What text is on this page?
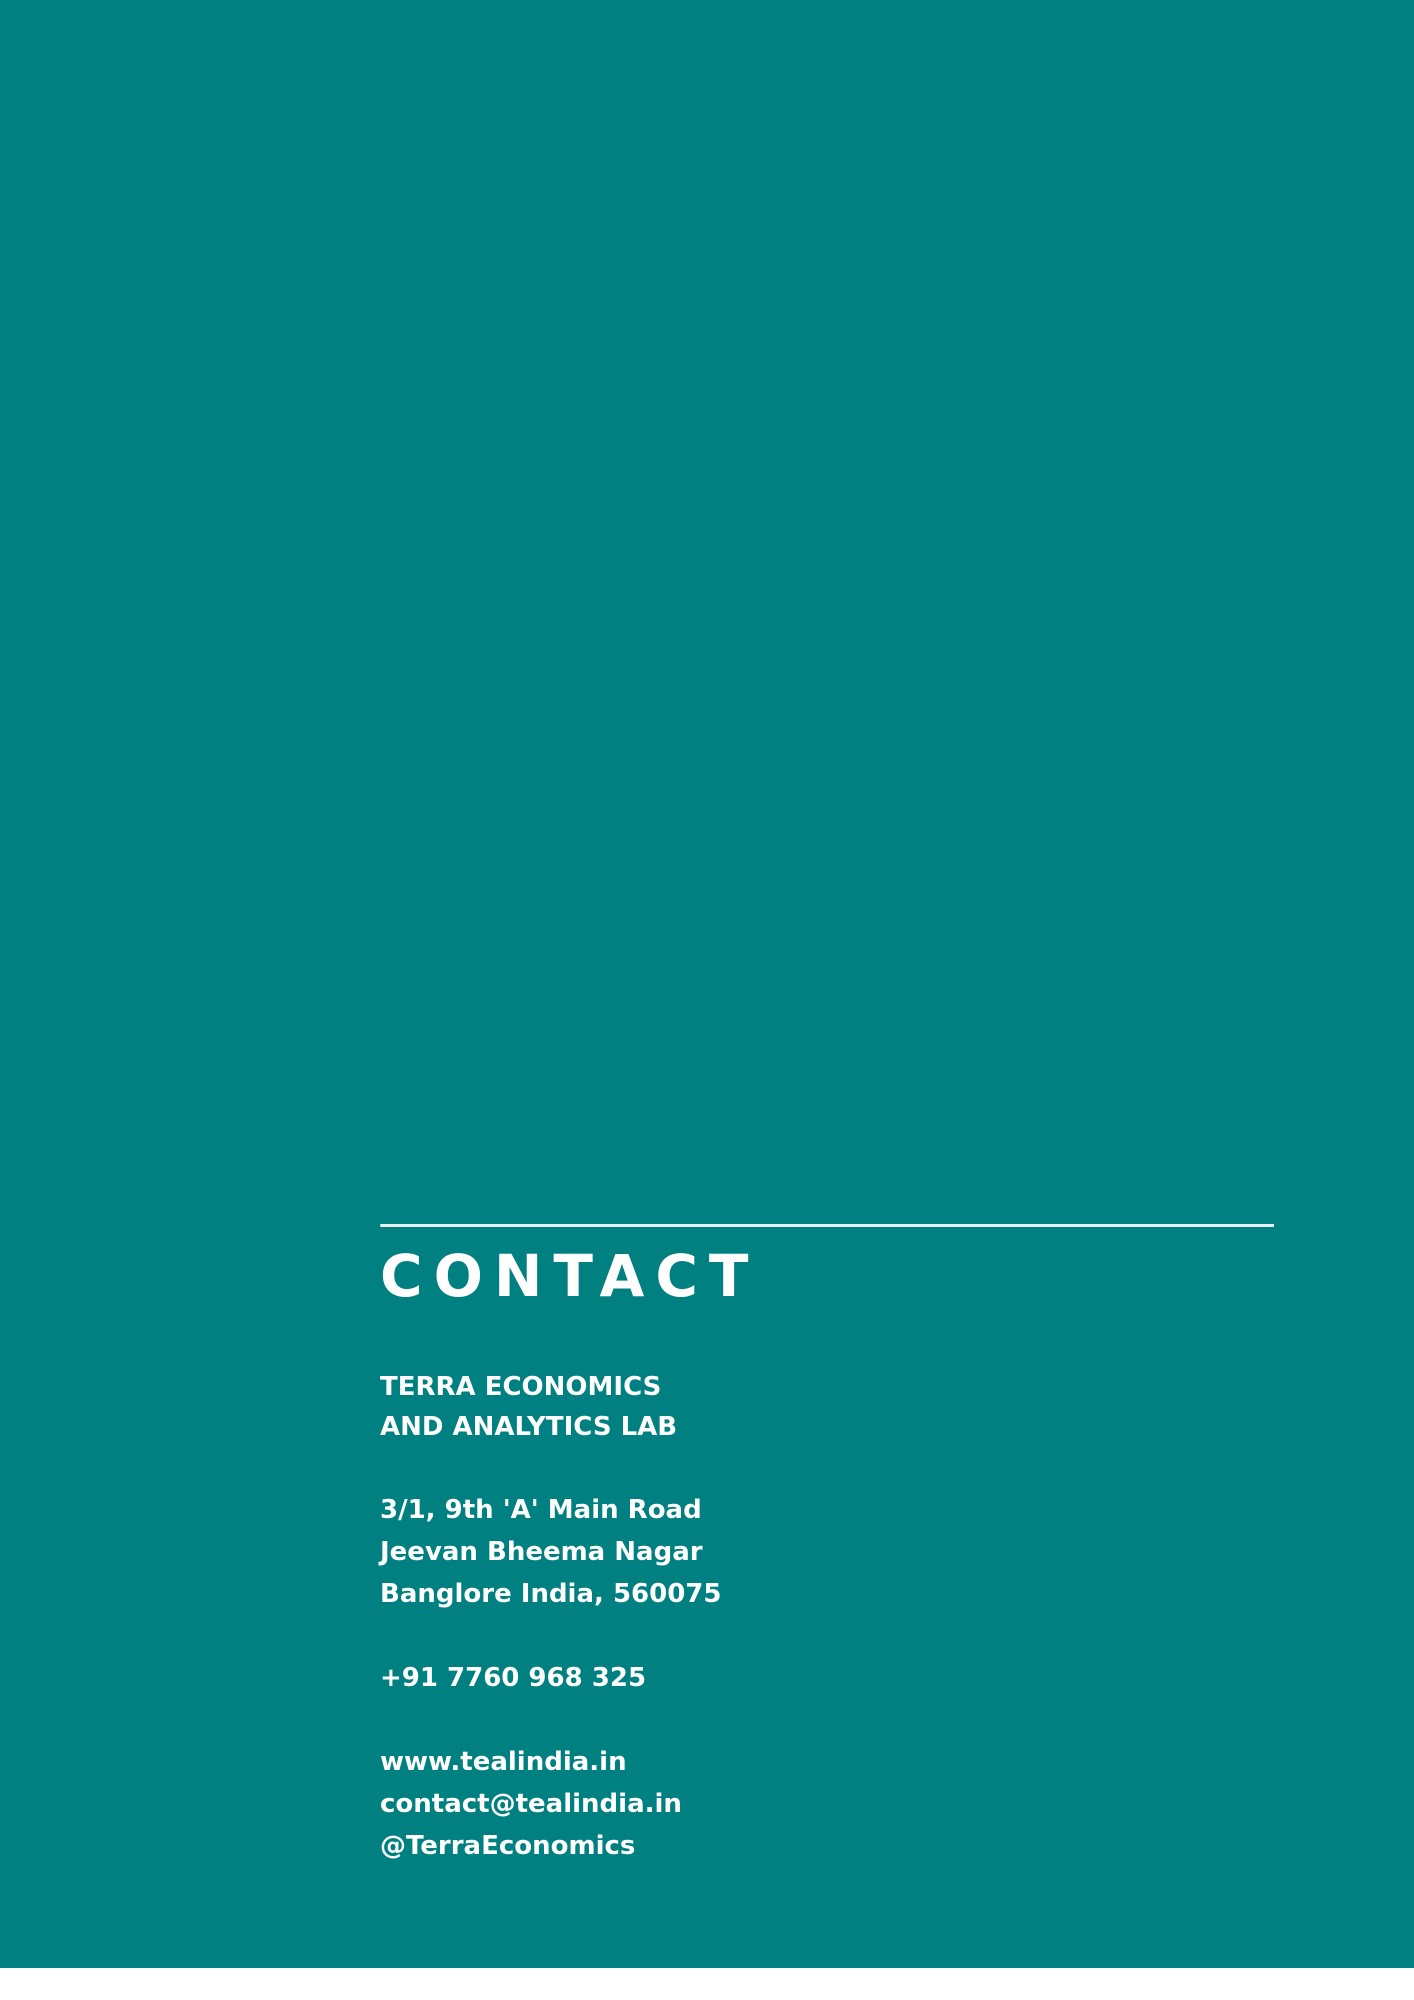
CONTACT
TERRA ECONOMICS
AND ANALYTICS LAB
3/1, 9th 'A' Main Road
Jeevan Bheema Nagar
Banglore India, 560075
+91 7760 968 325
www.tealindia.in
contact@tealindia.in
@TerraEconomics
